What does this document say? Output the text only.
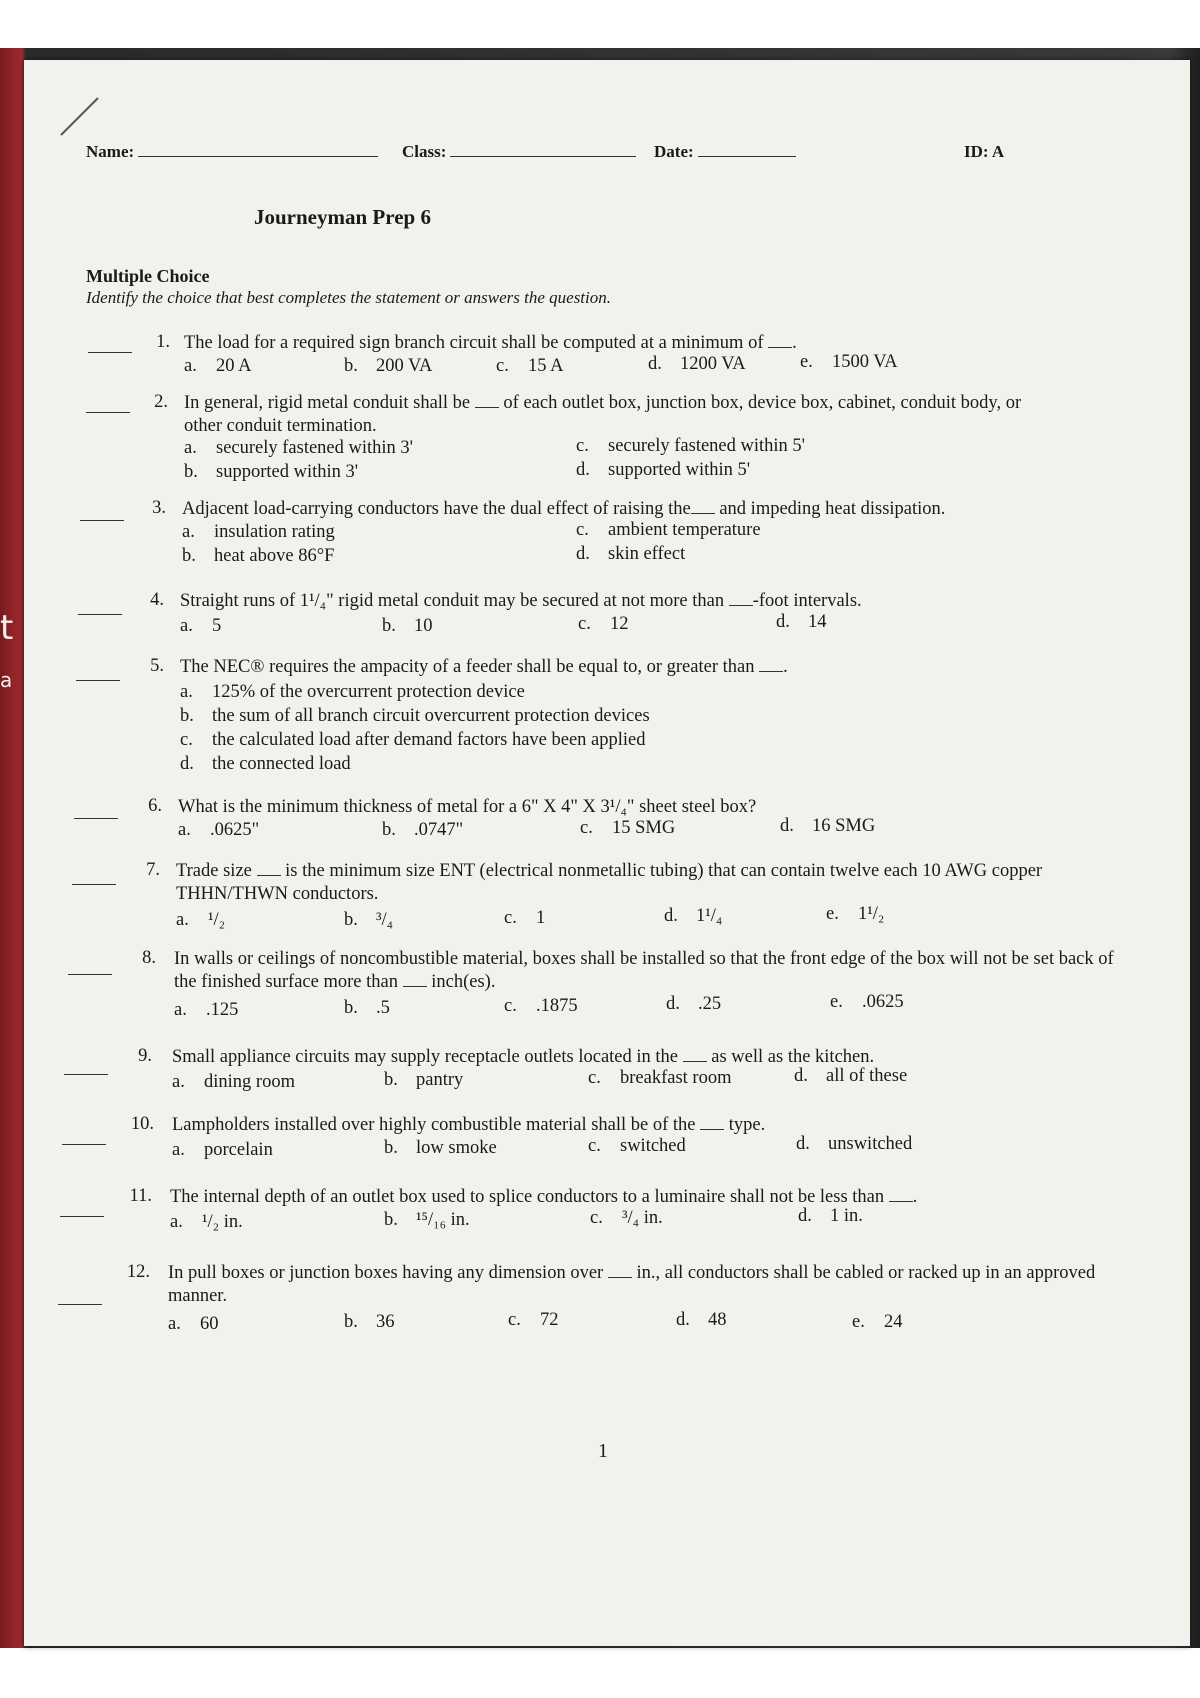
t
a
Name:	Class:	Date:	ID: A
Journeyman Prep 6
Multiple Choice
Identify the choice that best completes the statement or answers the question.
1. The load for a required sign branch circuit shall be computed at a minimum of .
a. 20 A	b. 200 VA	c. 15 A	d. 1200 VA	e. 1500 VA
2. In general, rigid metal conduit shall be of each outlet box, junction box, device box, cabinet, conduit body, or other conduit termination.
a. securely fastened within 3'
b. supported within 3'
c. securely fastened within 5'
d. supported within 5'
3. Adjacent load-carrying conductors have the dual effect of raising the and impeding heat dissipation.
a. insulation rating
b. heat above 86°F
c. ambient temperature
d. skin effect
4. Straight runs of 1¹/₄" rigid metal conduit may be secured at not more than -foot intervals.
a. 5	b. 10	c. 12	d. 14
5. The NEC® requires the ampacity of a feeder shall be equal to, or greater than .
a. 125% of the overcurrent protection device
b. the sum of all branch circuit overcurrent protection devices
c. the calculated load after demand factors have been applied
d. the connected load
6. What is the minimum thickness of metal for a 6" X 4" X 3¹/₄" sheet steel box?
a. .0625"	b. .0747"	c. 15 SMG	d. 16 SMG
7. Trade size is the minimum size ENT (electrical nonmetallic tubing) that can contain twelve each 10 AWG copper THHN/THWN conductors.
a. ¹/₂	b. ³/₄	c. 1	d. 1¹/₄	e. 1¹/₂
8. In walls or ceilings of noncombustible material, boxes shall be installed so that the front edge of the box will not be set back of the finished surface more than inch(es).
a. .125	b. .5	c. .1875	d. .25	e. .0625
9. Small appliance circuits may supply receptacle outlets located in the as well as the kitchen.
a. dining room	b. pantry	c. breakfast room	d. all of these
10. Lampholders installed over highly combustible material shall be of the type.
a. porcelain	b. low smoke	c. switched	d. unswitched
11. The internal depth of an outlet box used to splice conductors to a luminaire shall not be less than .
a. ¹/₂ in.	b. ¹⁵/₁₆ in.	c. ³/₄ in.	d. 1 in.
12. In pull boxes or junction boxes having any dimension over in., all conductors shall be cabled or racked up in an approved manner.
a. 60	b. 36	c. 72	d. 48	e. 24
1
